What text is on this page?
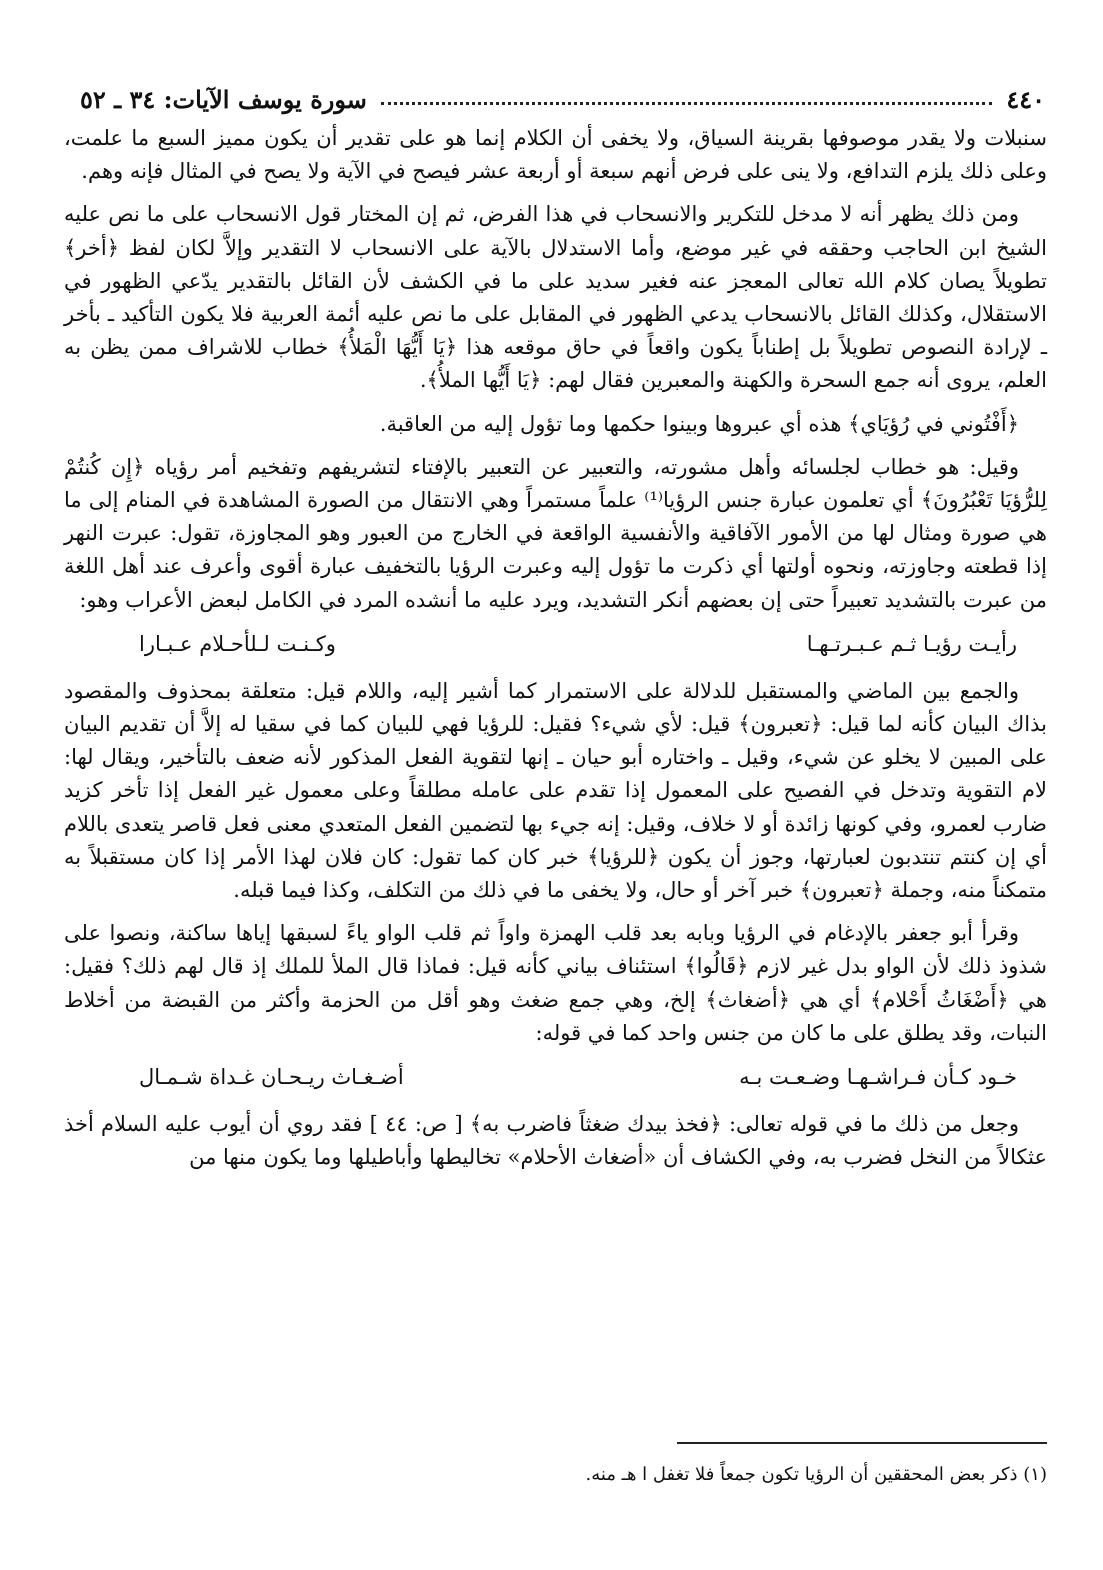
٤٤٠
سورة يوسف الآيات: ٣٤ ـ ٥٢

سنبلات ولا يقدر موصوفها بقرينة السياق، ولا يخفى أن الكلام إنما هو على تقدير أن يكون مميز السبع ما علمت، وعلى ذلك يلزم التدافع، ولا ينى على فرض أنهم سبعة أو أربعة عشر فيصح في الآية ولا يصح في المثال فإنه وهم.

ومن ذلك يظهر أنه لا مدخل للتكرير والانسحاب في هذا الفرض، ثم إن المختار قول الانسحاب على ما نص عليه الشيخ ابن الحاجب وحققه في غير موضع، وأما الاستدلال بالآية على الانسحاب لا التقدير وإلاَّ لكان لفظ ﴿أخر﴾ تطويلاً يصان كلام الله تعالى المعجز عنه فغير سديد على ما في الكشف لأن القائل بالتقدير يدّعي الظهور في الاستقلال، وكذلك القائل بالانسحاب يدعي الظهور في المقابل على ما نص عليه أئمة العربية فلا يكون التأكيد ـ بأخر ـ لإرادة النصوص تطويلاً بل إطناباً يكون واقعاً في حاق موقعه هذا ﴿يَا أَيُّهَا الْمَلأُ﴾ خطاب للاشراف ممن يظن به العلم، يروى أنه جمع السحرة والكهنة والمعبرين فقال لهم: ﴿يَا أَيُّها الملأُ﴾.

﴿أَفْتُوني في رُؤيَاي﴾ هذه أي عبروها وبينوا حكمها وما تؤول إليه من العاقبة.

وقيل: هو خطاب لجلسائه وأهل مشورته، والتعبير عن التعبير بالإفتاء لتشريفهم وتفخيم أمر رؤياه ﴿إِن كُنتُمْ لِلرُّؤيَا تَعْبُرُونَ﴾ أي تعلمون عبارة جنس الرؤيا⁽¹⁾ علماً مستمراً وهي الانتقال من الصورة المشاهدة في المنام إلى ما هي صورة ومثال لها من الأمور الآفاقية والأنفسية الواقعة في الخارج من العبور وهو المجاوزة، تقول: عبرت النهر إذا قطعته وجاوزته، ونحوه أولتها أي ذكرت ما تؤول إليه وعبرت الرؤيا بالتخفيف عبارة أقوى وأعرف عند أهل اللغة من عبرت بالتشديد تعبيراً حتى إن بعضهم أنكر التشديد، ويرد عليه ما أنشده المرد في الكامل لبعض الأعراب وهو:

رأيـت رؤيـا ثـم عـبـرتـهـا
وكـنـت لـلأحـلام عـبـارا

والجمع بين الماضي والمستقبل للدلالة على الاستمرار كما أشير إليه، واللام قيل: متعلقة بمحذوف والمقصود بذاك البيان كأنه لما قيل: ﴿تعبرون﴾ قيل: لأي شيء؟ فقيل: للرؤيا فهي للبيان كما في سقيا له إلاَّ أن تقديم البيان على المبين لا يخلو عن شيء، وقيل ـ واختاره أبو حيان ـ إنها لتقوية الفعل المذكور لأنه ضعف بالتأخير، ويقال لها: لام التقوية وتدخل في الفصيح على المعمول إذا تقدم على عامله مطلقاً وعلى معمول غير الفعل إذا تأخر كزيد ضارب لعمرو، وفي كونها زائدة أو لا خلاف، وقيل: إنه جيء بها لتضمين الفعل المتعدي معنى فعل قاصر يتعدى باللام أي إن كنتم تنتدبون لعبارتها، وجوز أن يكون ﴿للرؤيا﴾ خبر كان كما تقول: كان فلان لهذا الأمر إذا كان مستقبلاً به متمكناً منه، وجملة ﴿تعبرون﴾ خبر آخر أو حال، ولا يخفى ما في ذلك من التكلف، وكذا فيما قبله.

وقرأ أبو جعفر بالإدغام في الرؤيا وبابه بعد قلب الهمزة واواً ثم قلب الواو ياءً لسبقها إياها ساكنة، ونصوا على شذوذ ذلك لأن الواو بدل غير لازم ﴿قَالُوا﴾ استئناف بياني كأنه قيل: فماذا قال الملأ للملك إذ قال لهم ذلك؟ فقيل: هي ﴿أَضْغَاثُ أَحْلام﴾ أي هي ﴿أضغاث﴾ إلخ، وهي جمع ضغث وهو أقل من الحزمة وأكثر من القبضة من أخلاط النبات، وقد يطلق على ما كان من جنس واحد كما في قوله:

خـود كـأن فـراشـهـا وضـعـت بـه
أضـغـاث ريـحـان غـداة شـمـال

وجعل من ذلك ما في قوله تعالى: ﴿فخذ بيدك ضغثاً فاضرب به﴾ [ ص: ٤٤ ] فقد روي أن أيوب عليه السلام أخذ عثكالاً من النخل فضرب به، وفي الكشاف أن «أضغاث الأحلام» تخاليطها وأباطيلها وما يكون منها من

(١) ذكر بعض المحققين أن الرؤيا تكون جمعاً فلا تغفل ا هـ منه.
